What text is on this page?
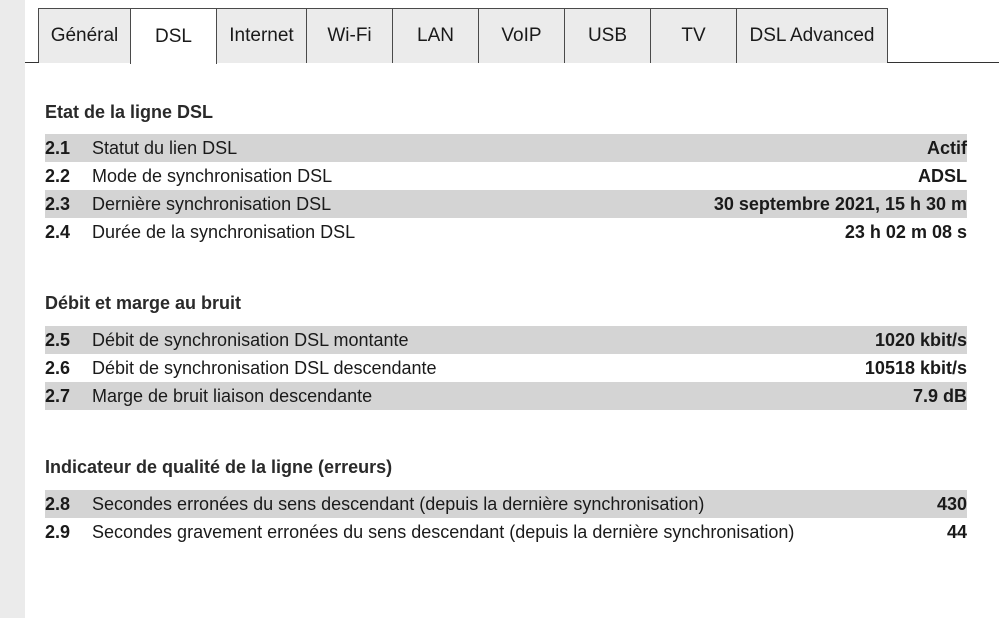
Général	DSL	Internet	Wi-Fi	LAN	VoIP	USB	TV	DSL Advanced
Etat de la ligne DSL
2.1	Statut du lien DSL	Actif
2.2	Mode de synchronisation DSL	ADSL
2.3	Dernière synchronisation DSL	30 septembre 2021, 15 h 30 m
2.4	Durée de la synchronisation DSL	23 h 02 m 08 s
Débit et marge au bruit
2.5	Débit de synchronisation DSL montante	1020 kbit/s
2.6	Débit de synchronisation DSL descendante	10518 kbit/s
2.7	Marge de bruit liaison descendante	7.9 dB
Indicateur de qualité de la ligne (erreurs)
2.8	Secondes erronées du sens descendant (depuis la dernière synchronisation)	430
2.9	Secondes gravement erronées du sens descendant (depuis la dernière synchronisation)	44
